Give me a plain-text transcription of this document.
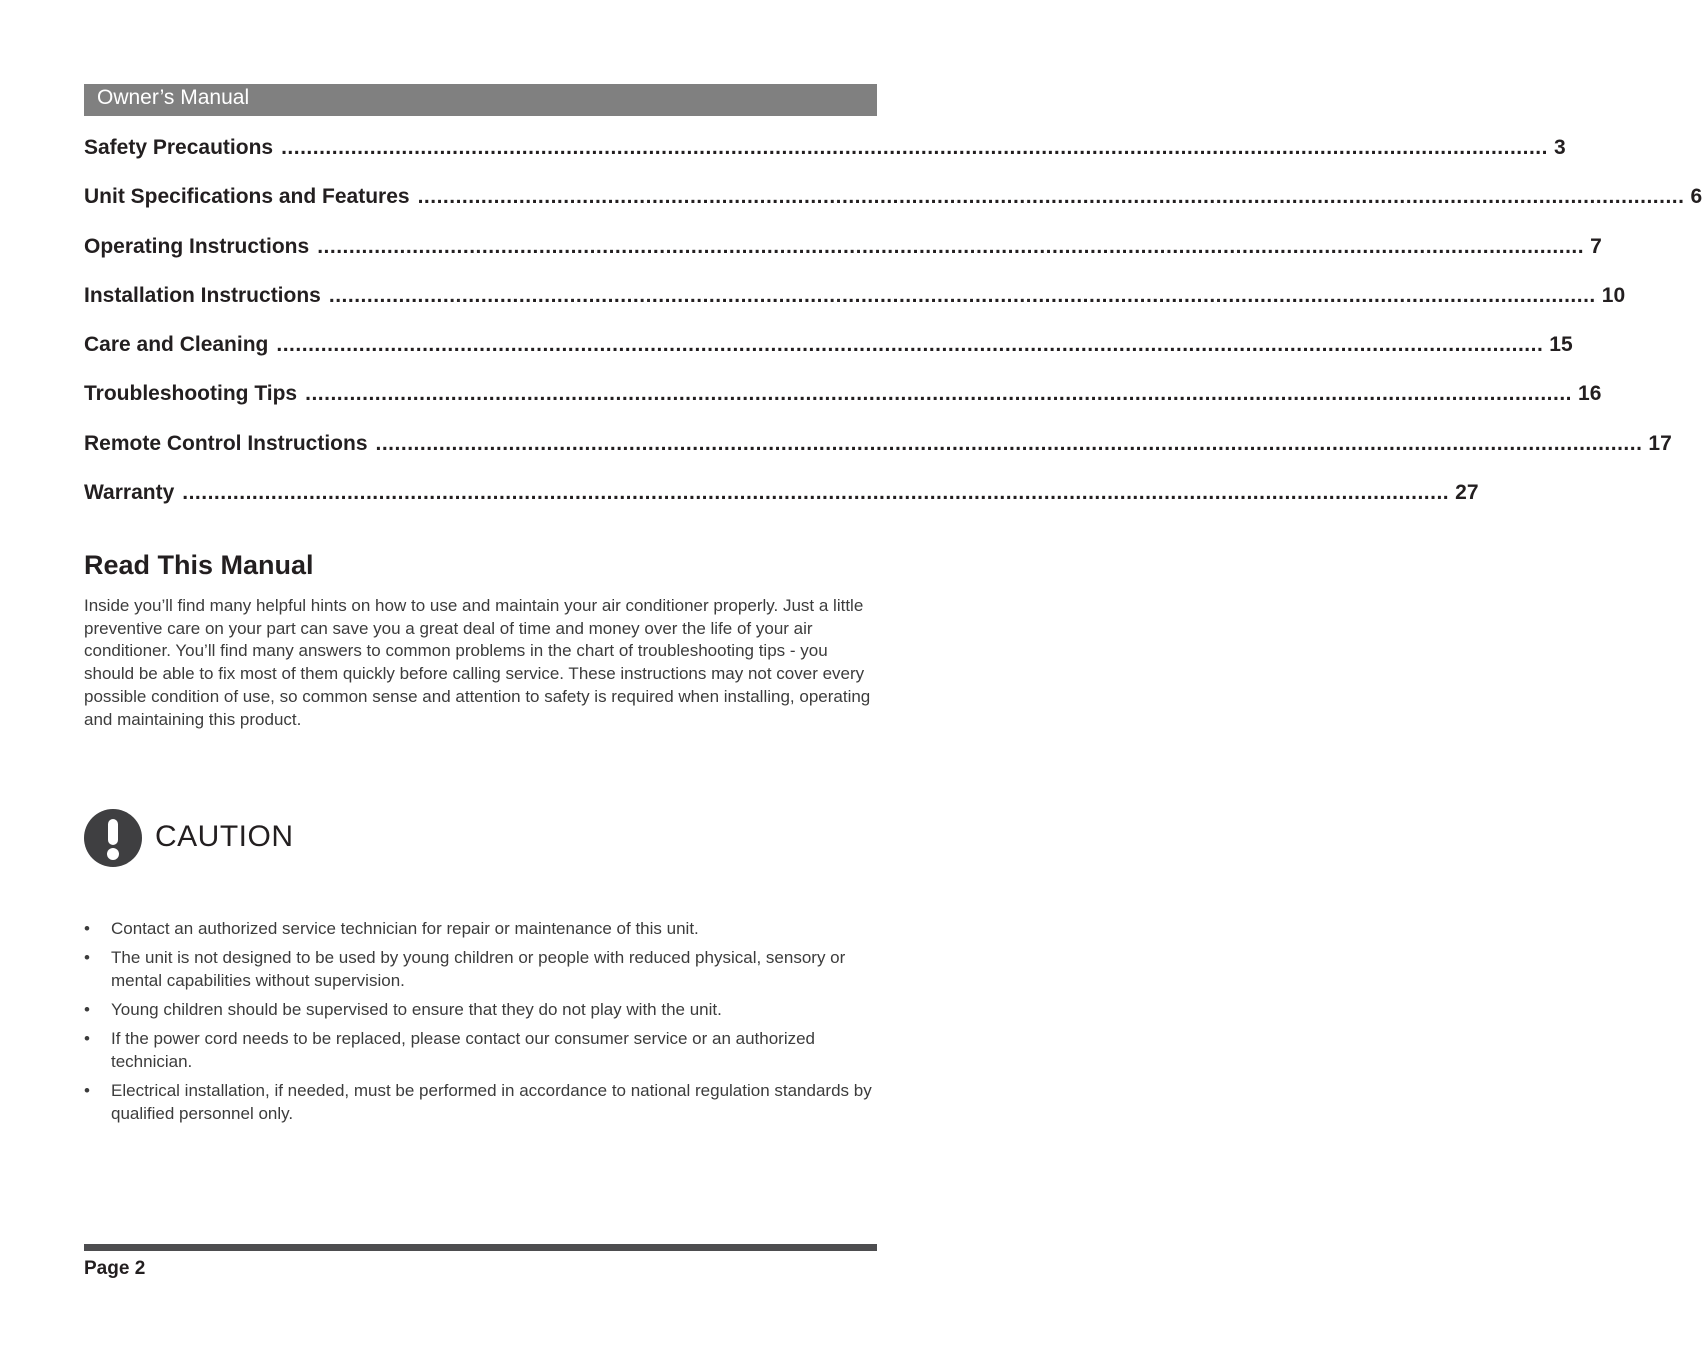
Owner’s Manual
Safety Precautions ........................................................................................................................................................................................................ 3
Unit Specifications and Features ........................................................................................................................................................................................................ 6
Operating Instructions ........................................................................................................................................................................................................ 7
Installation Instructions ........................................................................................................................................................................................................ 10
Care and Cleaning ........................................................................................................................................................................................................ 15
Troubleshooting Tips ........................................................................................................................................................................................................ 16
Remote Control Instructions ........................................................................................................................................................................................................ 17
Warranty ........................................................................................................................................................................................................ 27
Read This Manual

Inside you’ll find many helpful hints on how to use and maintain your air conditioner properly. Just a little preventive care on your part can save you a great deal of time and money over the life of your air conditioner. You’ll find many answers to common problems in the chart of troubleshooting tips - you should be able to fix most of them quickly before calling service. These instructions may not cover every possible condition of use, so common sense and attention to safety is required when installing, operating and maintaining this product.

CAUTION
•	Contact an authorized service technician for repair or maintenance of this unit.
•	The unit is not designed to be used by young children or people with reduced physical, sensory or mental capabilities without supervision.
•	Young children should be supervised to ensure that they do not play with the unit.
•	If the power cord needs to be replaced, please contact our consumer service or an authorized technician.
•	Electrical installation, if needed, must be performed in accordance to national regulation standards by qualified personnel only.
Page 2
